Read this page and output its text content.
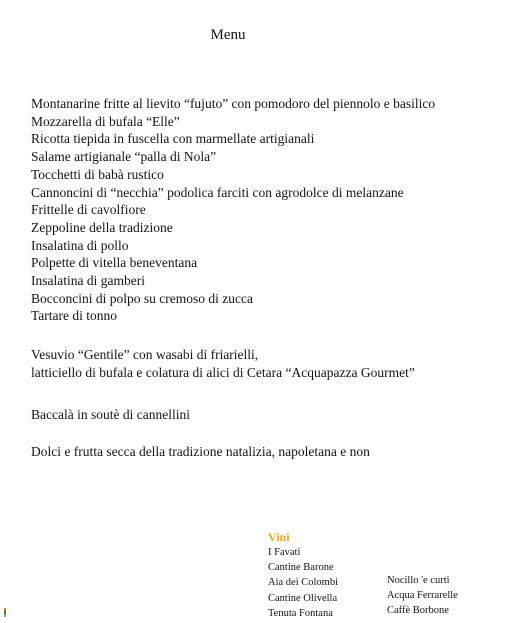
Menu
Montanarine fritte al lievito “fujuto” con pomodoro del piennolo e basilico
Mozzarella di bufala “Elle”
Ricotta tiepida in fuscella con marmellate artigianali
Salame artigianale “palla di Nola”
Tocchetti di babà rustico
Cannoncini di “necchia” podolica farciti con agrodolce di melanzane
Frittelle di cavolfiore
Zeppoline della tradizione
Insalatina di pollo
Polpette di vitella beneventana
Insalatina di gamberi
Bocconcini di polpo su cremoso di zucca
Tartare di tonno
Vesuvio “Gentile” con wasabi di friarielli,
latticiello di bufala e colatura di alici di Cetara “Acquapazza Gourmet”
Baccalà in soutè di cannellini
Dolci e frutta secca della tradizione natalizia, napoletana e non
Vini
I Favati
Cantine Barone
Aia dei Colombi
Cantine Olivella
Tenuta Fontana
Nocillo 'e curti
Acqua Ferrarelle
Caffè Borbone
